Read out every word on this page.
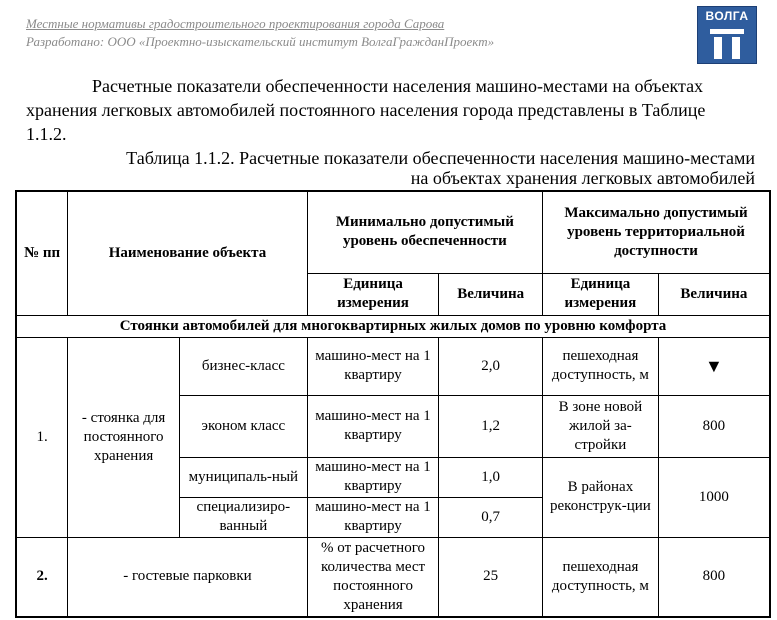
Местные нормативы градостроительного проектирования города Сарова
Разработано: ООО «Проектно-изыскательский институт ВолгаГражданПроект»
ВОЛГА
Расчетные показатели обеспеченности населения машино-местами на объектах
хранения легковых автомобилей постоянного населения города представлены в Таблице
1.1.2.
Таблица 1.1.2. Расчетные показатели обеспеченности населения машино-местами
на объектах хранения легковых автомобилей
№ пп	Наименование объекта		Минимально допустимый уровень обеспеченности		Максимально допустимый уровень территориальной доступности	
			Единица измерения	Величина	Единица измерения	Величина
Стоянки автомобилей для многоквартирных жилых домов по уровню комфорта						
1.	- стоянка для постоянного хранения	бизнес-класс	машино-мест на 1 квартиру	2,0	пешеходная доступность, м	▼
		эконом класс	машино-мест на 1 квартиру	1,2	В зоне новой жилой за-стройки	800
		муниципаль-ный	машино-мест на 1 квартиру	1,0	В районах реконструк-ции	1000
		специализиро-ванный	машино-мест на 1 квартиру	0,7		
2.	- гостевые парковки		% от расчетного количества мест постоянного хранения	25	пешеходная доступность, м	800
